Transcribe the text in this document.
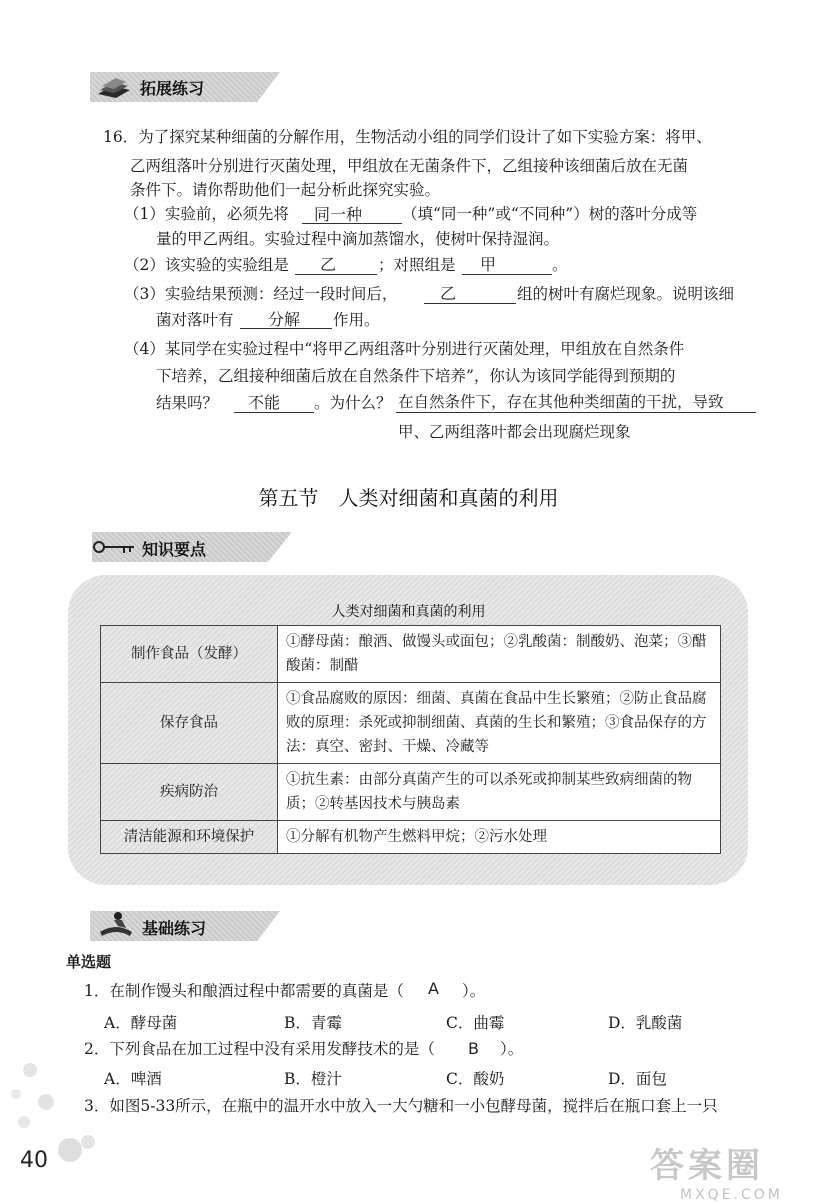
拓展练习
16．为了探究某种细菌的分解作用，生物活动小组的同学们设计了如下实验方案：将甲、
乙两组落叶分别进行灭菌处理，甲组放在无菌条件下，乙组接种该细菌后放在无菌
条件下。请你帮助他们一起分析此探究实验。
（1）实验前，必须先将 同一种	（填“同一种”或“不同种”）树的落叶分成等
量的甲乙两组。实验过程中滴加蒸馏水，使树叶保持湿润。
（2）该实验的实验组是 乙	；对照组是 甲	。
（3）实验结果预测：经过一段时间后，	乙	组的树叶有腐烂现象。说明该细
菌对落叶有 分解 作用。
（4）某同学在实验过程中“将甲乙两组落叶分别进行灭菌处理，甲组放在自然条件
下培养，乙组接种细菌后放在自然条件下培养”，你认为该同学能得到预期的
结果吗？ 不能 。为什么？ 在自然条件下，存在其他种类细菌的干扰，导致
甲、乙两组落叶都会出现腐烂现象
第五节　人类对细菌和真菌的利用
知识要点
人类对细菌和真菌的利用
制作食品（发酵）	①酵母菌：酿酒、做馒头或面包；②乳酸菌：制酸奶、泡菜；③醋酸菌：制醋
保存食品	①食品腐败的原因：细菌、真菌在食品中生长繁殖；②防止食品腐败的原理：杀死或抑制细菌、真菌的生长和繁殖；③食品保存的方法：真空、密封、干燥、冷藏等
疾病防治	①抗生素：由部分真菌产生的可以杀死或抑制某些致病细菌的物质；②转基因技术与胰岛素
清洁能源和环境保护	①分解有机物产生燃料甲烷；②污水处理
基础练习
单选题
1．在制作馒头和酿酒过程中都需要的真菌是（ A ）。
A．酵母菌	B．青霉	C．曲霉	D．乳酸菌
2．下列食品在加工过程中没有采用发酵技术的是（ B ）。
A．啤酒	B．橙汁	C．酸奶	D．面包
3．如图5-33所示，在瓶中的温开水中放入一大勺糖和一小包酵母菌，搅拌后在瓶口套上一只
40	答案圈
MXQE.COM
